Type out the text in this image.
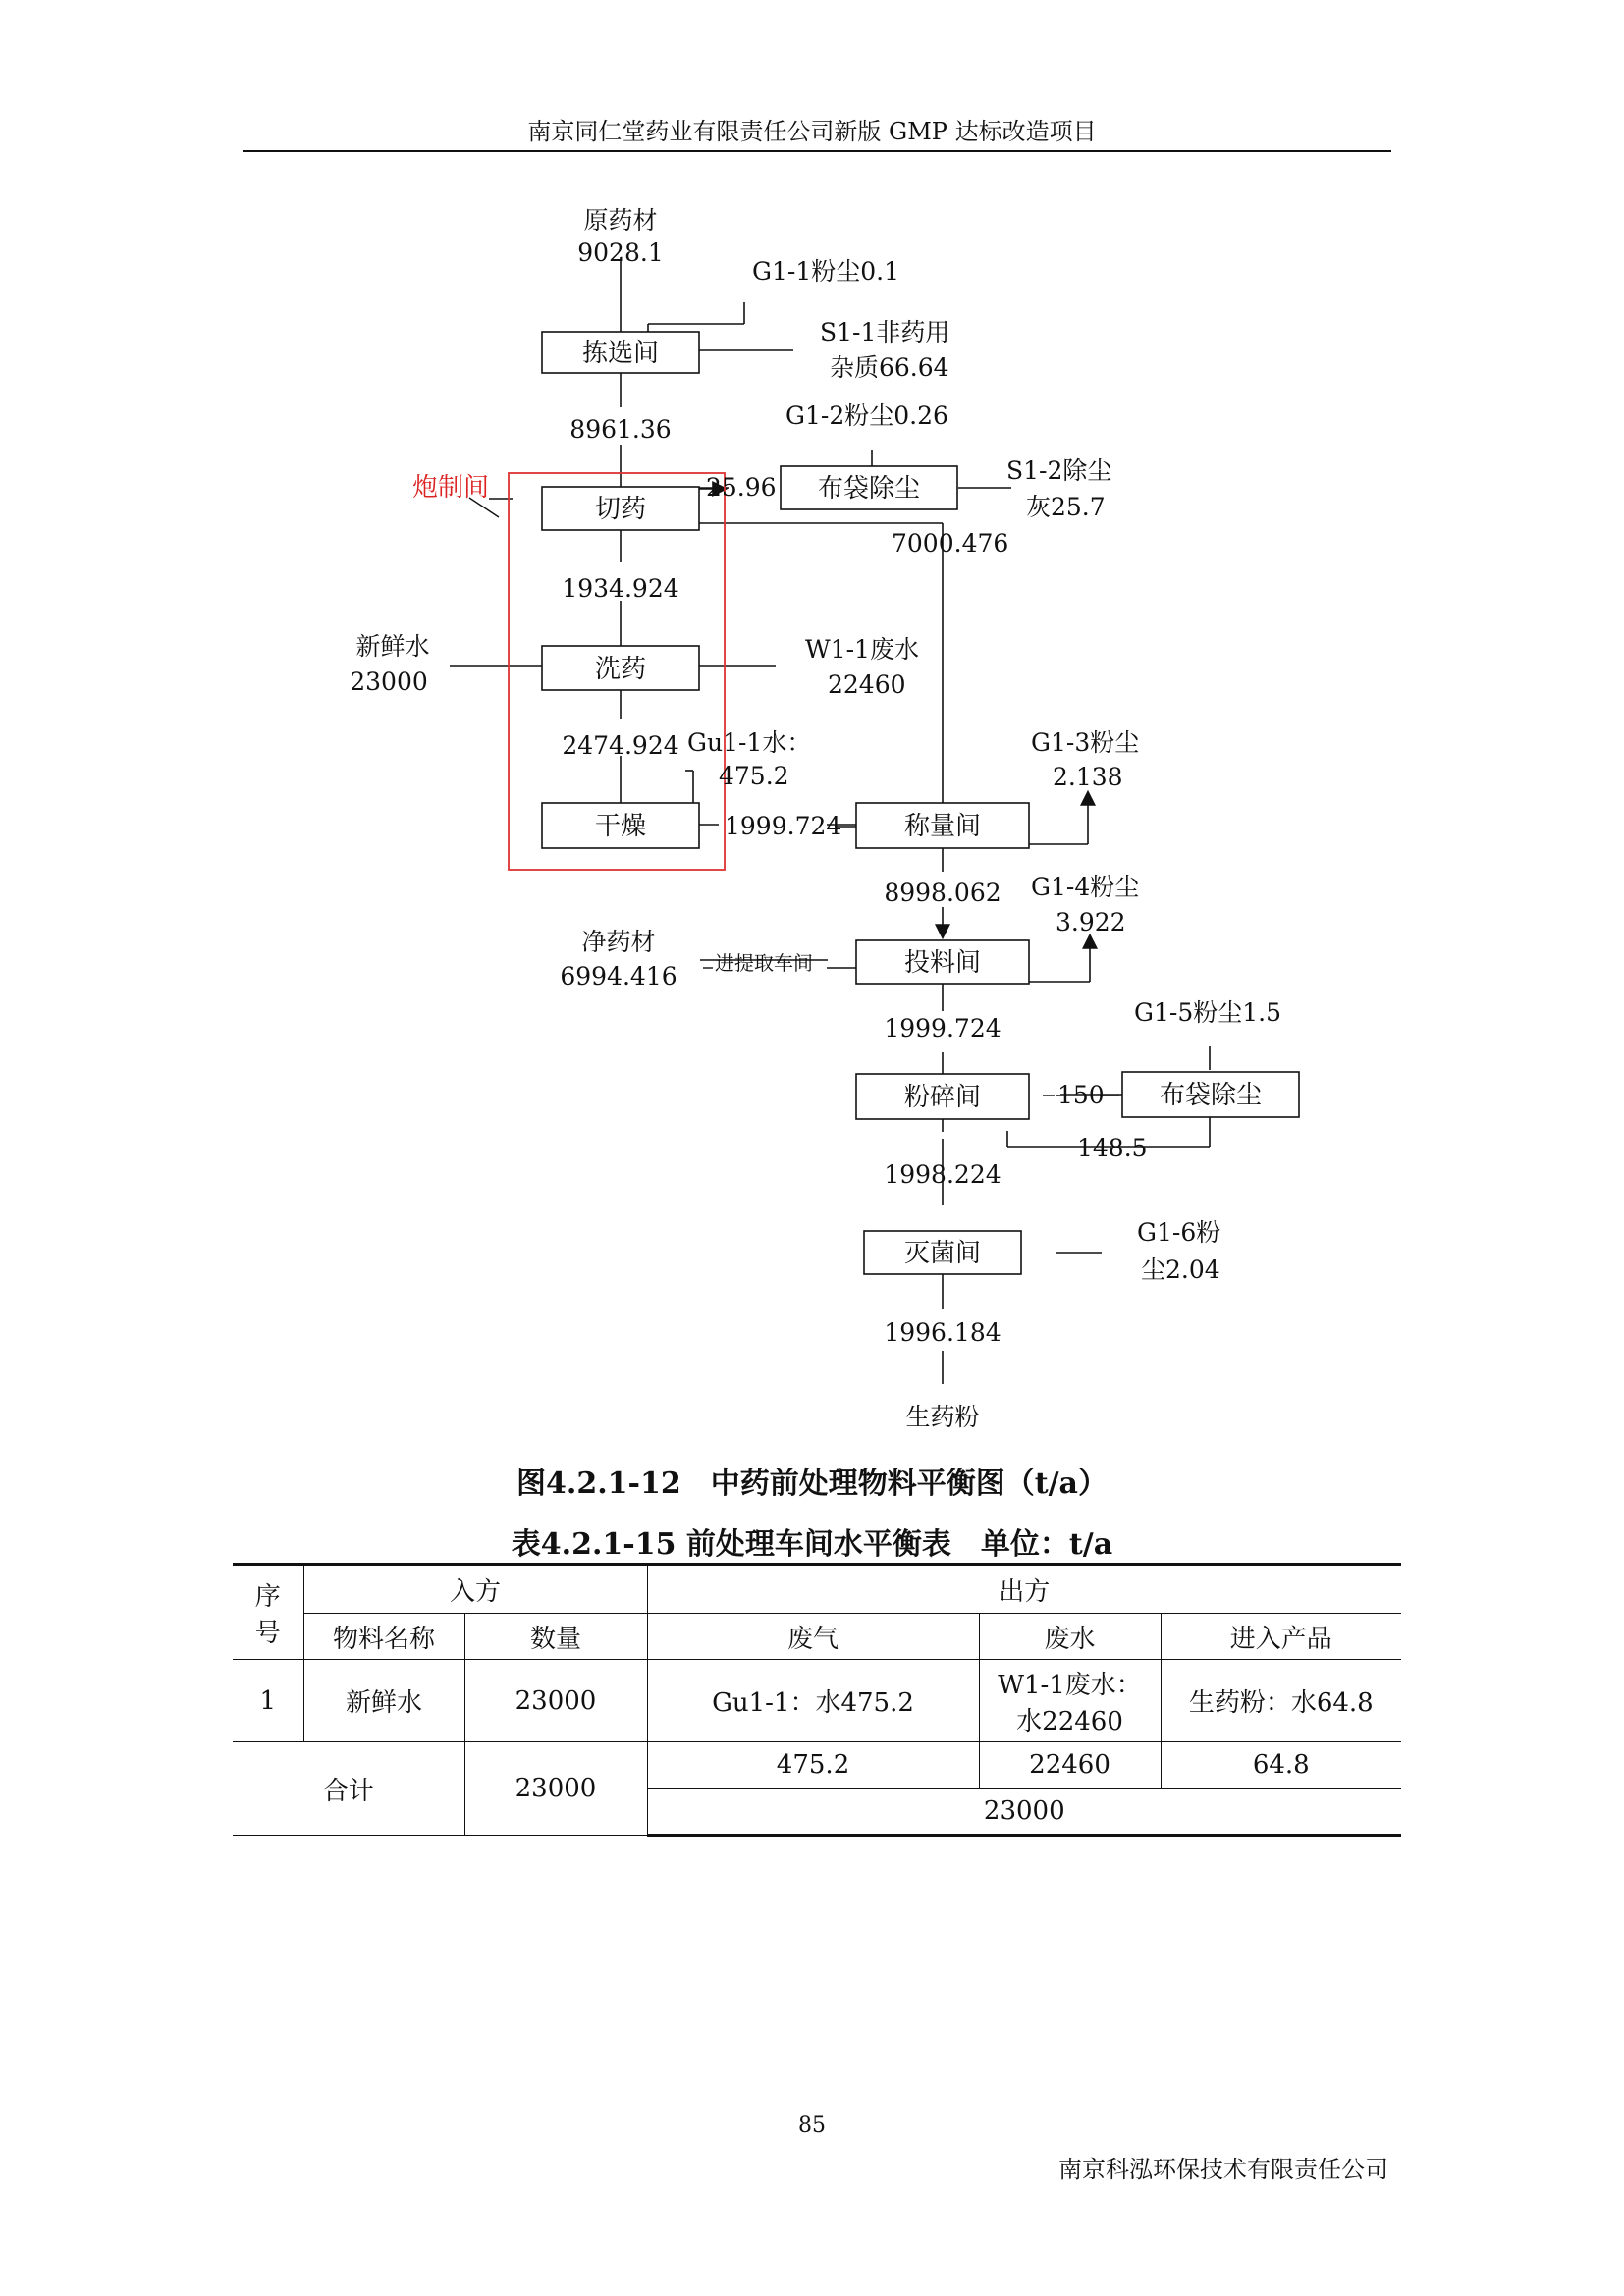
南京同仁堂药业有限责任公司新版 GMP 达标改造项目
炮制间
拣选间
切药
布袋除尘
洗药
干燥	称量间
投料间
粉碎间	布袋除尘
灭菌间
原药材
9028.1
G1-1粉尘0.1
S1-1非药用
杂质66.64
8961.36	G1-2粉尘0.26
25.96
S1-2除尘
灰25.7
7000.476
1934.924
新鲜水
23000
W1-1废水
22460
2474.924 Gu1-1水：
475.2
G1-3粉尘
2.138
1999.724
8998.062 G1-4粉尘
3.922
净药材
6994.416 进提取车间
1999.724
G1-5粉尘1.5
150
148.5
1998.224
G1-6粉
尘2.04
1996.184
生药粉
图4.2.1-12　中药前处理物料平衡图（t/a）
表4.2.1-15 前处理车间水平衡表　单位：t/a
序
号	入方		出方		
	物料名称	数量	废气	废水	进入产品
1	新鲜水	23000	Gu1-1：水475.2	W1-1废水：
水22460	生药粉：水64.8
合计		23000	475.2	22460	64.8
			23000		
85
南京科泓环保技术有限责任公司
